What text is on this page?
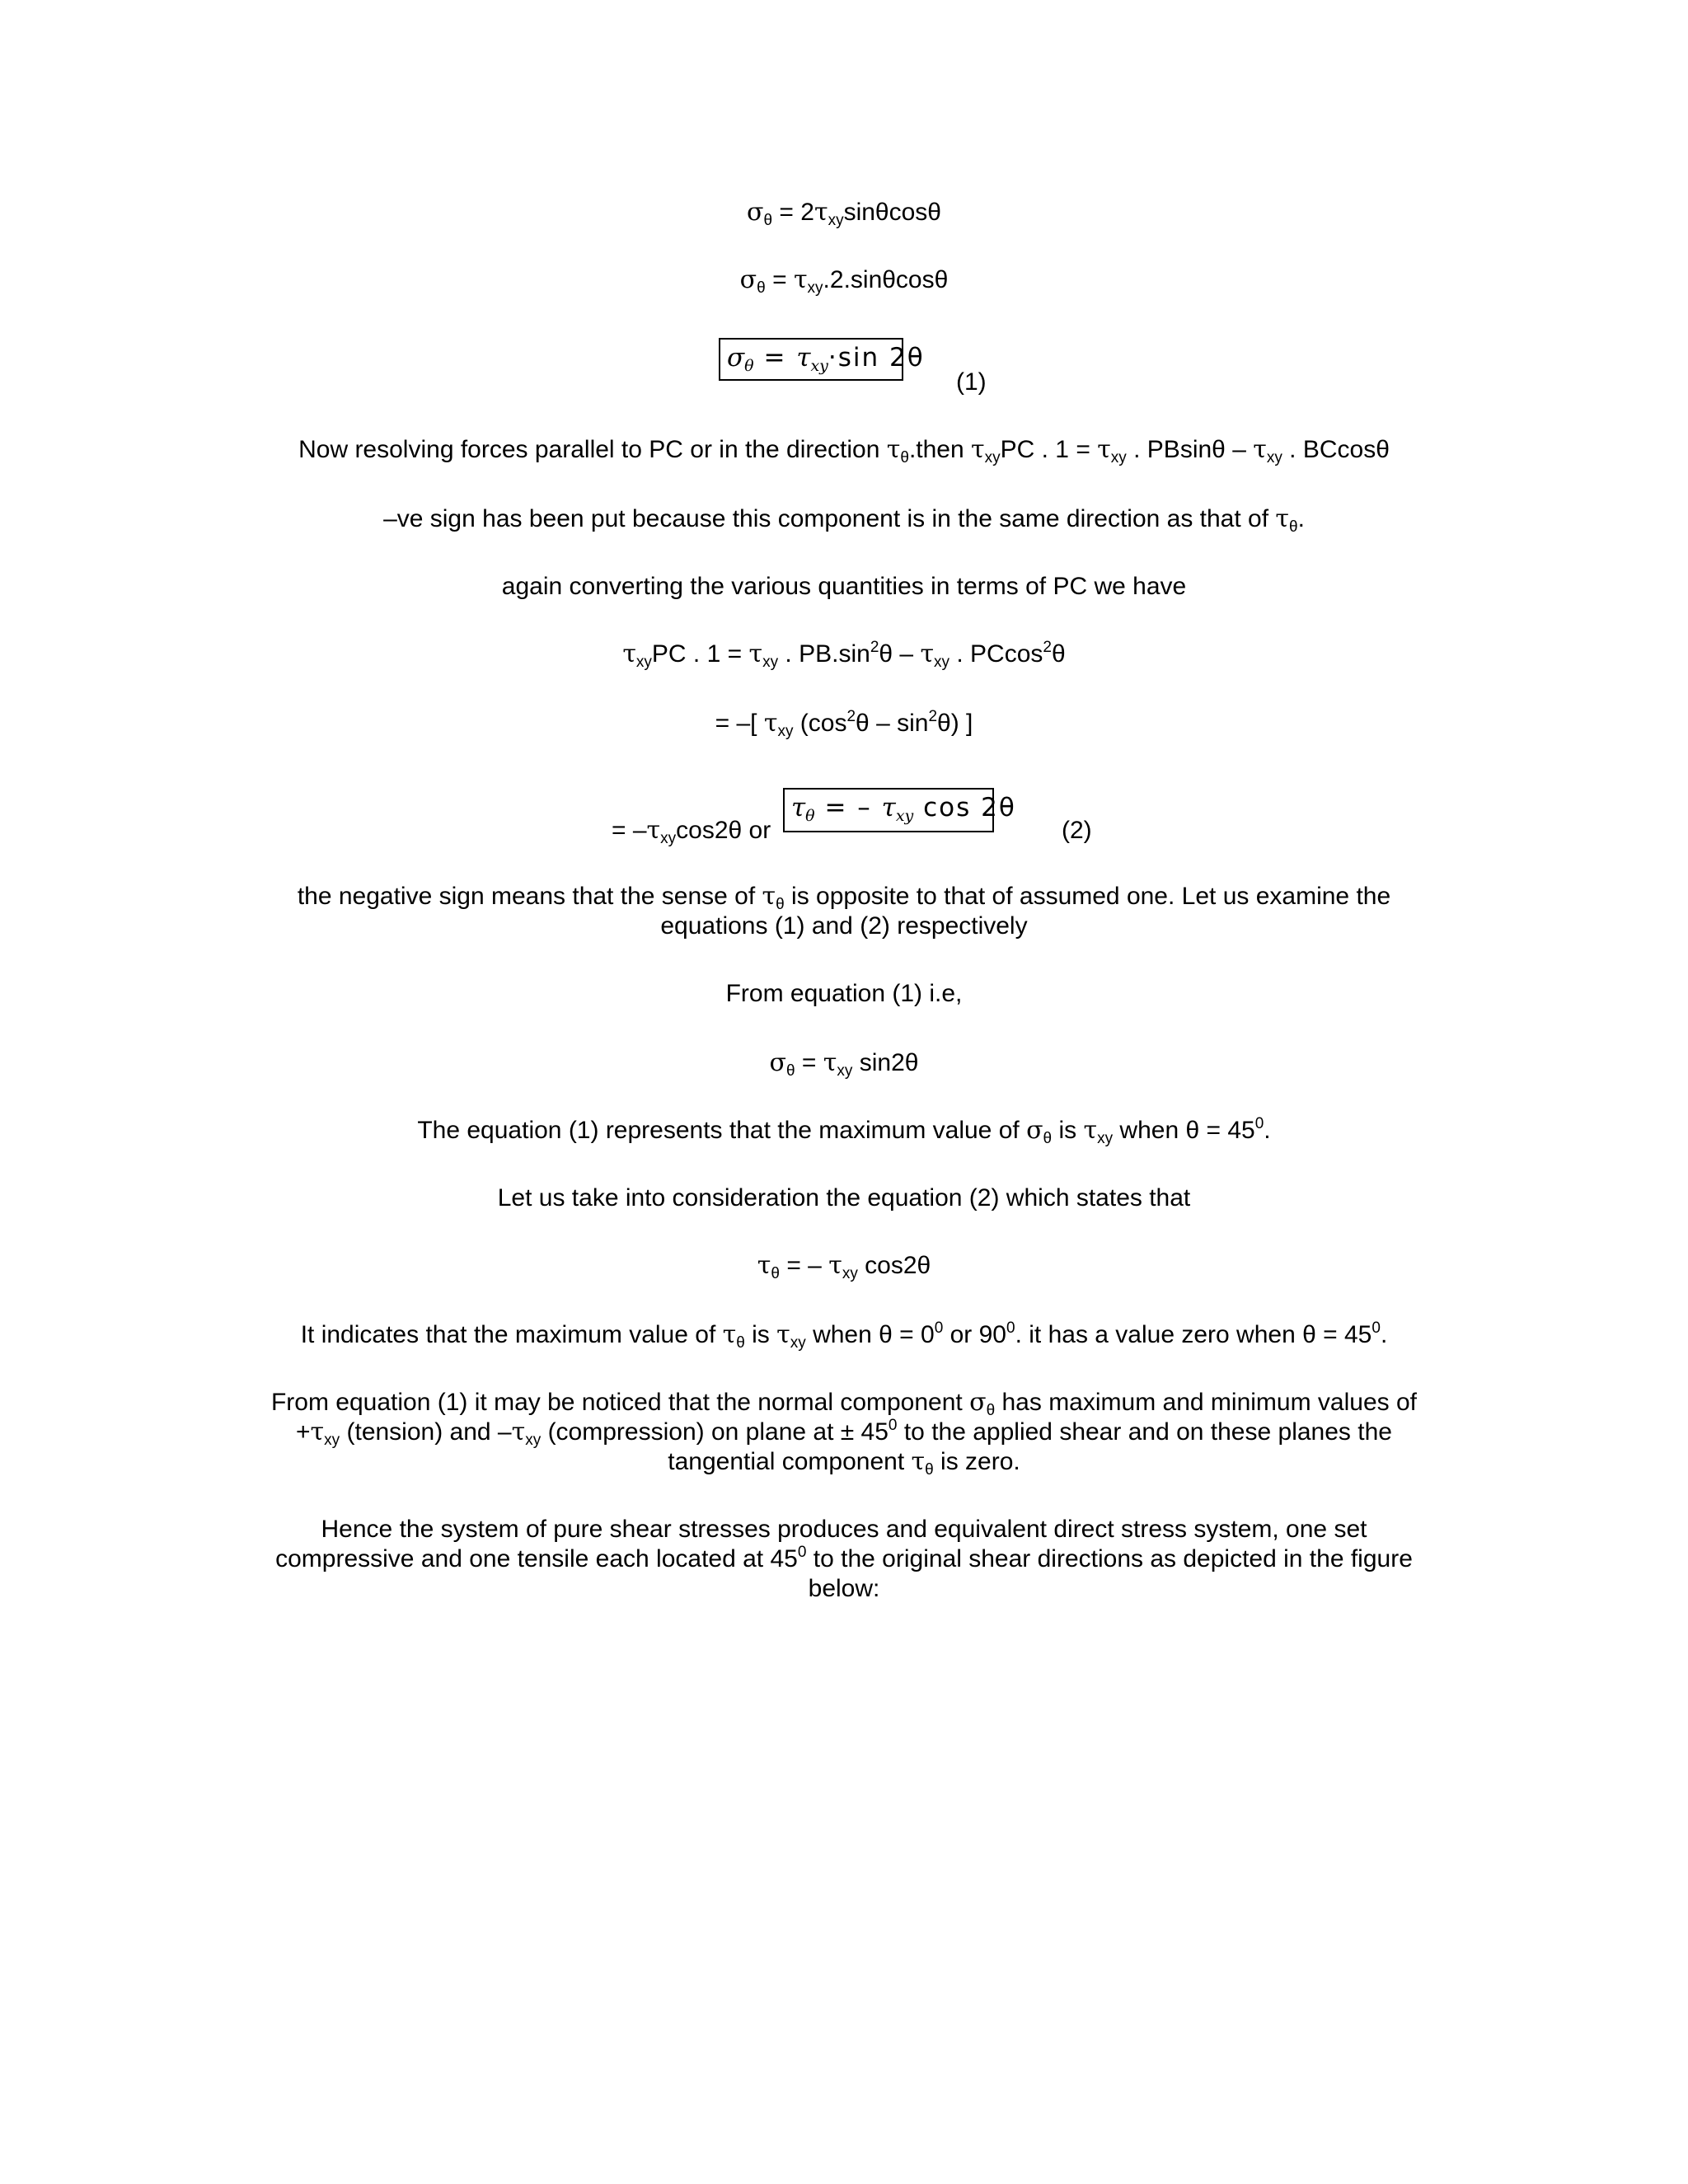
$\sigma_\theta = 2\tau_{xy}\sin\theta\cos\theta$
$\sigma_\theta = \tau_{xy}.2.\sin\theta\cos\theta$
$\sigma_\theta = \tau_{xy}\cdot\sin$ 2θ
(1)
Now resolving forces parallel to PC or in the direction $\tau_\theta.then$ $\tau_{xy}PC$ . $1 = \tau_{xy}$ . PBsinθ – $\tau_{xy}$ . BCcosθ
–ve sign has been put because this component is in the same direction as that of $\tau_\theta$.
again converting the various quantities in terms of PC we have
$\tau_{xy}PC$ . $1 = \tau_{xy}$ . $PB.\sin^2\theta - \tau_{xy}$ . PCcos$^2$θ
= –[ $\tau_{xy}$ $(\cos^2\theta - \sin^2\theta)$ ]
= $-\tau_{xy}\cos 2\theta$ or
$\tau_\theta$ = – $\tau_{xy}$ cos 2θ
(2)
the negative sign means that the sense of $\tau_\theta$ is opposite to that of assumed one. Let us examine the
equations (1) and (2) respectively
From equation (1) i.e,
$\sigma_\theta = \tau_{xy}$ sin2θ
The equation (1) represents that the maximum value of $\sigma_\theta$ is $\tau_{xy}$ when $\theta = 45^0$.
Let us take into consideration the equation (2) which states that
$\tau_\theta$ = – $\tau_{xy}$ cos2θ
It indicates that the maximum value of $\tau_\theta$ is $\tau_{xy}$ when $\theta = 0^0$ or $90^0$. it has a value zero when $\theta = 45^0$.
From equation (1) it may be noticed that the normal component $\sigma_\theta$ has maximum and minimum values of
$+\tau_{xy}$ (tension) and $-\tau_{xy}$ (compression) on plane at ± $45^0$ to the applied shear and on these planes the
tangential component $\tau_\theta$ is zero.
Hence the system of pure shear stresses produces and equivalent direct stress system, one set
compressive and one tensile each located at $45^0$ to the original shear directions as depicted in the figure
below:
